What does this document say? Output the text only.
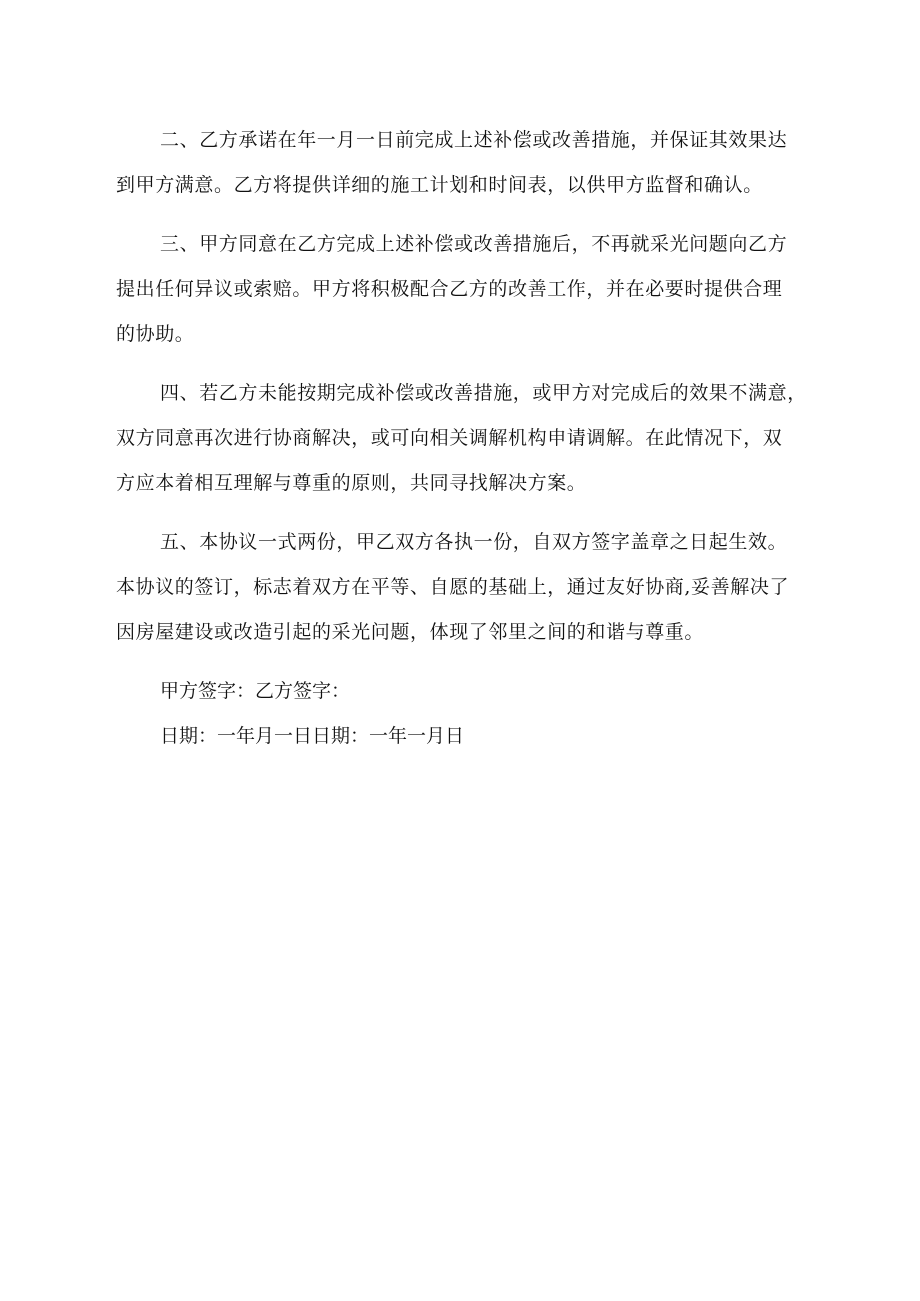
二、乙方承诺在年一月一日前完成上述补偿或改善措施，并保证其效果达
到甲方满意。乙方将提供详细的施工计划和时间表，以供甲方监督和确认。
三、甲方同意在乙方完成上述补偿或改善措施后，不再就采光问题向乙方
提出任何异议或索赔。甲方将积极配合乙方的改善工作，并在必要时提供合理
的协助。
四、若乙方未能按期完成补偿或改善措施，或甲方对完成后的效果不满意，
双方同意再次进行协商解决，或可向相关调解机构申请调解。在此情况下，双
方应本着相互理解与尊重的原则，共同寻找解决方案。
五、本协议一式两份，甲乙双方各执一份，自双方签字盖章之日起生效。
本协议的签订，标志着双方在平等、自愿的基础上，通过友好协商,妥善解决了
因房屋建设或改造引起的采光问题，体现了邻里之间的和谐与尊重。

甲方签字：乙方签字：

日期：一年月一日日期：一年一月日
